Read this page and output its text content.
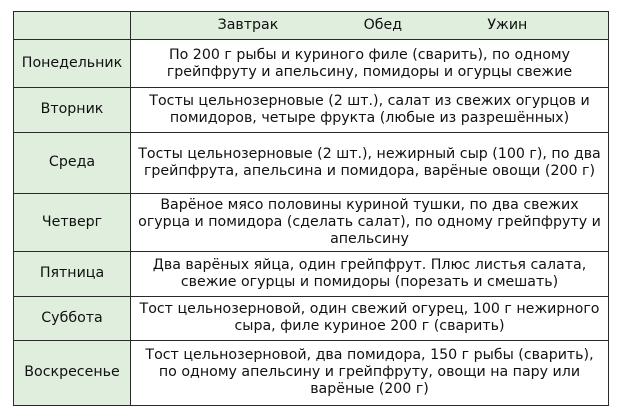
	Завтрак Обед Ужин

Понедельник	По 200 г рыбы и куриного филе (сварить), по одному грейпфруту и апельсину, помидоры и огурцы свежие
Вторник	Тосты цельнозерновые (2 шт.), салат из свежих огурцов и помидоров, четыре фрукта (любые из разрешённых)
Среда	Тосты цельнозерновые (2 шт.), нежирный сыр (100 г), по два грейпфрута, апельсина и помидора, варёные овощи (200 г)
Четверг	Варёное мясо половины куриной тушки, по два свежих огурца и помидора (сделать салат), по одному грейпфруту и апельсину
Пятница	Два варёных яйца, один грейпфрут. Плюс листья салата, свежие огурцы и помидоры (порезать и смешать)
Суббота	Тост цельнозерновой, один свежий огурец, 100 г нежирного сыра, филе куриное 200 г (сварить)
Воскресенье	Тост цельнозерновой, два помидора, 150 г рыбы (сварить), по одному апельсину и грейпфруту, овощи на пару или варёные (200 г)
